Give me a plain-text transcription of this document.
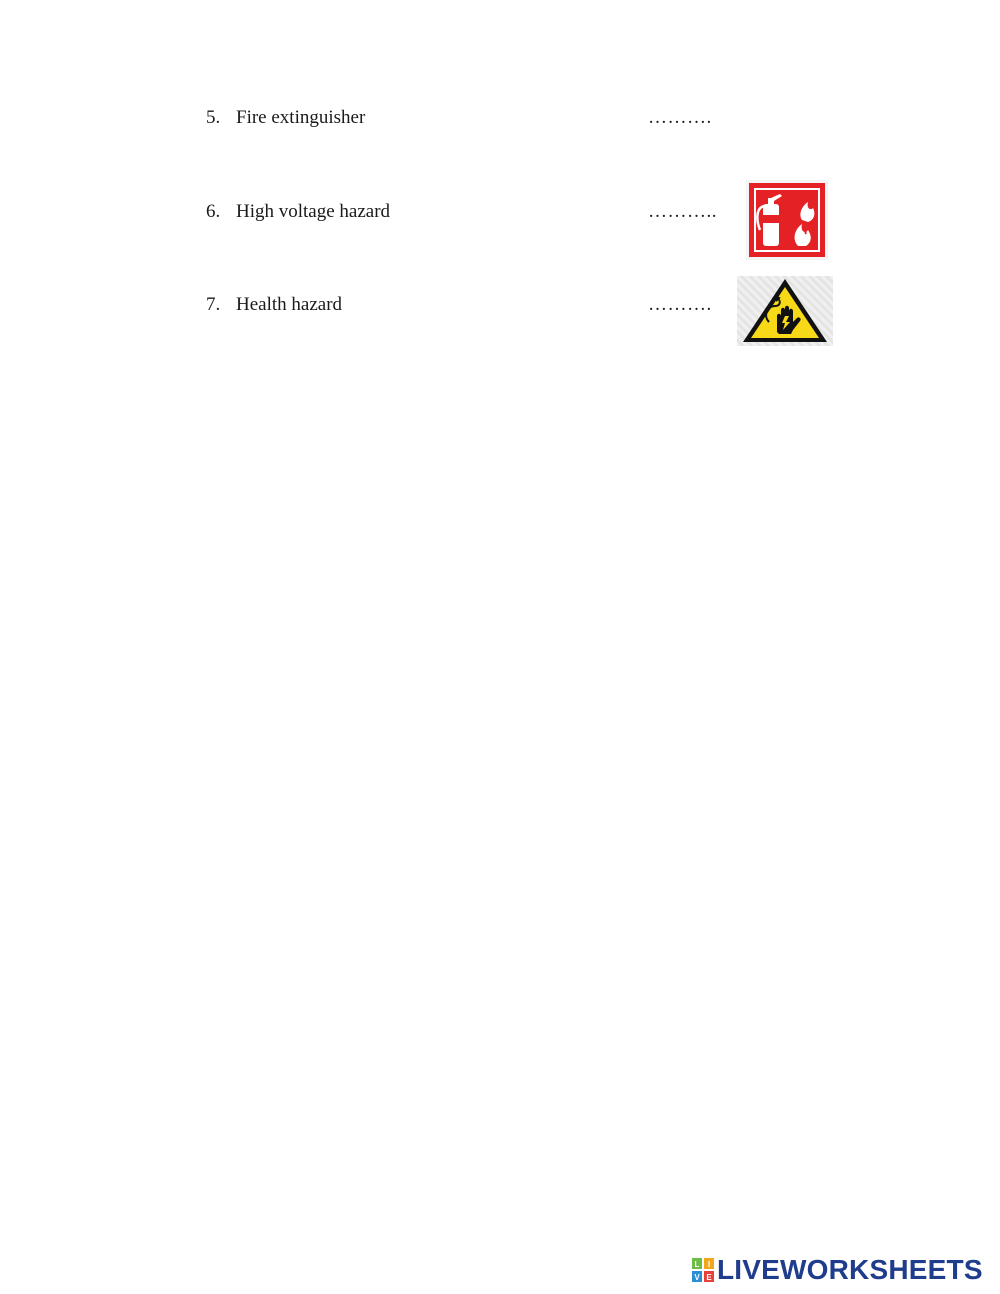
5. Fire extinguisher	……….
6. High voltage hazard	………..
7. Health hazard	……….
L I
V E LIVEWORKSHEETS
